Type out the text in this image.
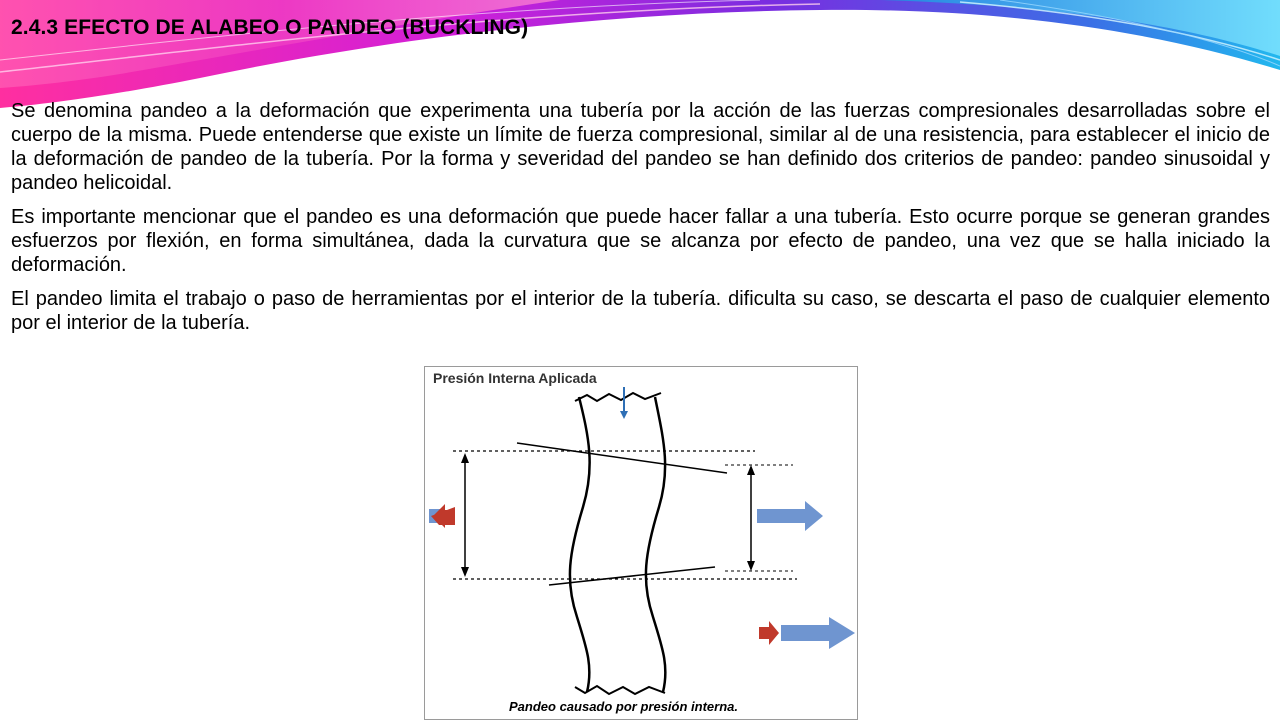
2.4.3 EFECTO DE ALABEO O PANDEO (BUCKLING)

Se denomina pandeo a la deformación que experimenta una tubería por la acción de las fuerzas compresionales desarrolladas sobre el cuerpo de la misma. Puede entenderse que existe un límite de fuerza compresional, similar al de una resistencia, para establecer el inicio de la deformación de pandeo de la tubería. Por la forma y severidad del pandeo se han definido dos criterios de pandeo: pandeo sinusoidal y pandeo helicoidal.

Es importante mencionar que el pandeo es una deformación que puede hacer fallar a una tubería. Esto ocurre porque se generan grandes esfuerzos por flexión, en forma simultánea, dada la curvatura que se alcanza por efecto de pandeo, una vez que se halla iniciado la deformación.

El pandeo limita el trabajo o paso de herramientas por el interior de la tubería. dificulta su caso, se descarta el paso de cualquier elemento por el interior de la tubería.

Presión Interna Aplicada
Pandeo causado por presión interna.
